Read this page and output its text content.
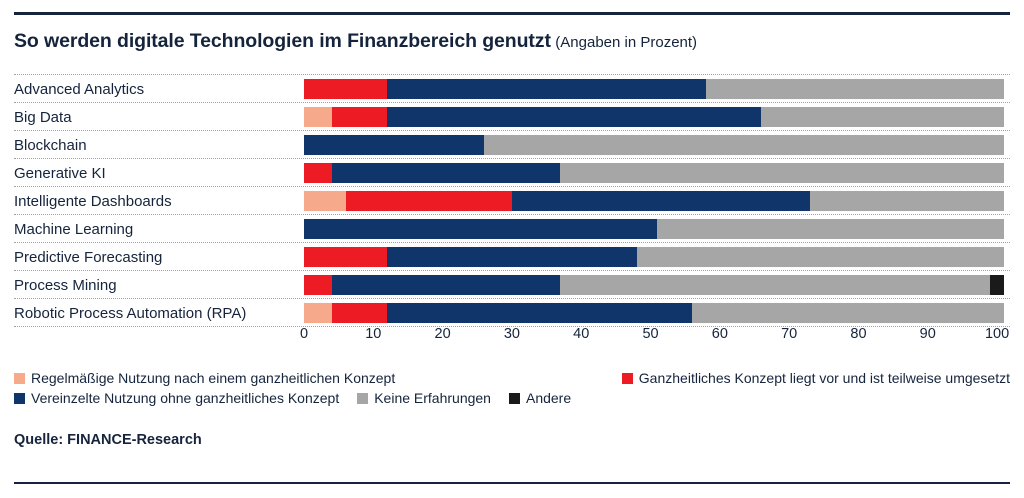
So werden digitale Technologien im Finanzbereich genutzt (Angaben in Prozent)
Advanced Analytics
Big Data
Blockchain
Generative KI
Intelligente Dashboards
Machine Learning
Predictive Forecasting
Process Mining
Robotic Process Automation (RPA)
0	10	20	30	40	50	60	70	80	90	100
Regelmäßige Nutzung nach einem ganzheitlichen Konzept	Ganzheitliches Konzept liegt vor und ist teilweise umgesetzt
Vereinzelte Nutzung ohne ganzheitliches Konzept	Keine Erfahrungen	Andere
Quelle: FINANCE-Research
